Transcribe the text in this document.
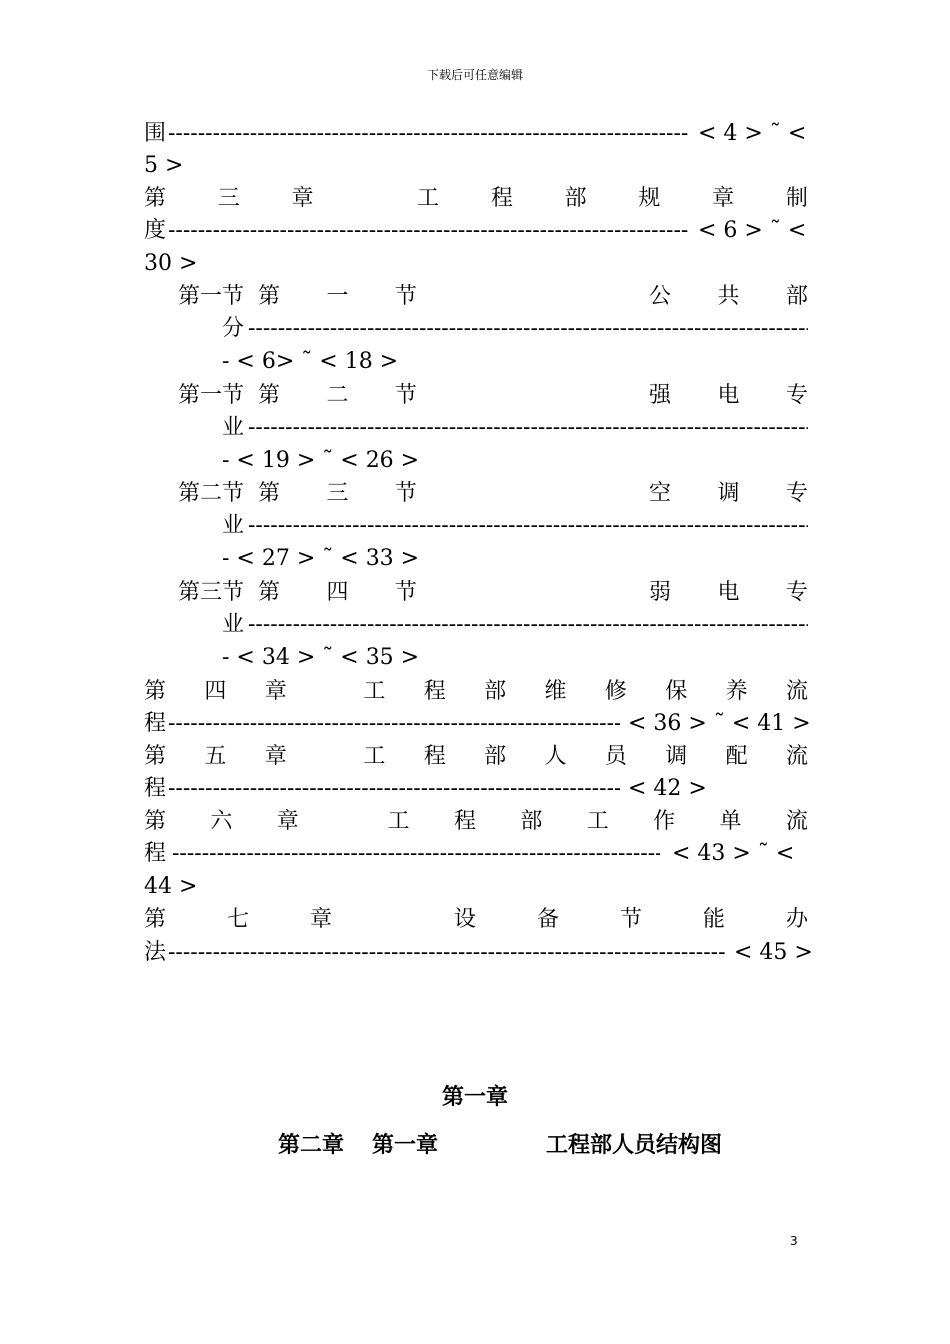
下载后可任意编辑
围 -----	< 4 > ˜ <
5 >
第 三 章	工 程 部 规 章 制
度 -----	< 6 > ˜ <
30 >
第一节 第 一 节	公 共 部
分
-----
- < 6> ˜ < 18 >
第一节 第 二 节	强 电 专
业
-----
- < 19 > ˜ < 26 >
第二节 第 三 节	空 调 专
业
-----
- < 27 > ˜ < 33 >
第三节 第 四 节	弱 电 专
业
-----
- < 34 > ˜ < 35 >
第 四 章	工 程 部 维 修 保 养 流
程 -----	< 36 > ˜ < 41 >
第 五 章	工 程 部 人 员 调 配 流
程 -----	< 42 >
第 六 章	工 程 部 工 作 单 流
程 -----	< 43 > ˜ <
44 >
第	七	章	设	备	节	能	办
法 -----	< 45 >
第一章
第二章 第一章	工程部人员结构图
3
